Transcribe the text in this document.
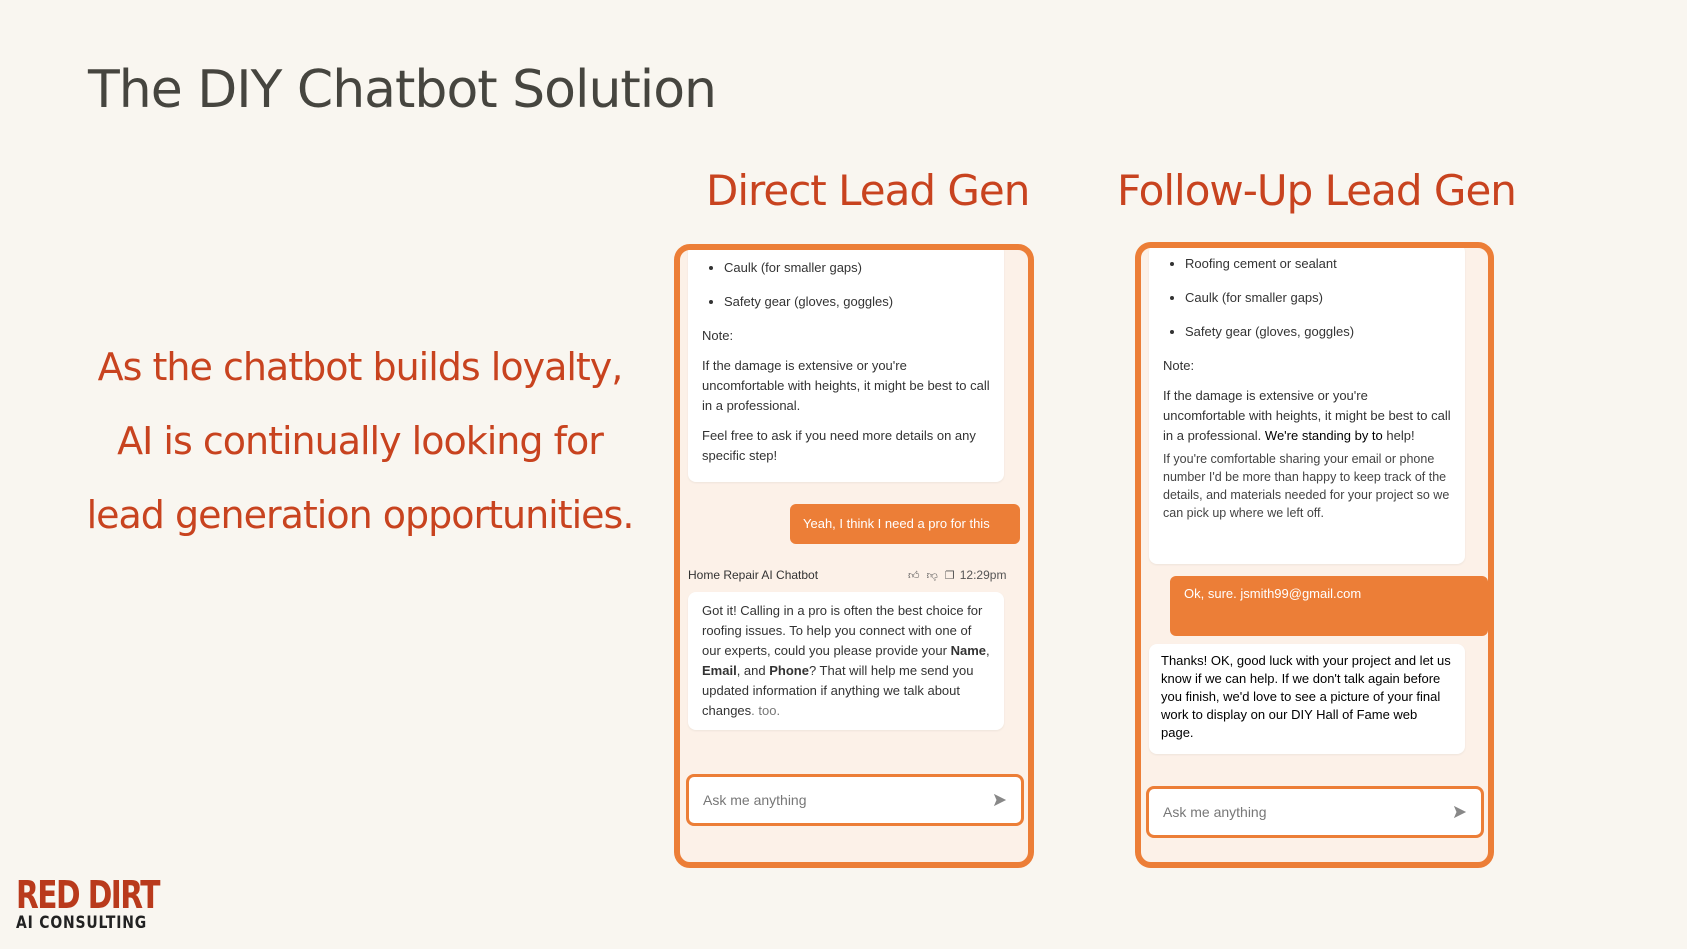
The DIY Chatbot Solution
As the chatbot builds loyalty, AI is continually looking for lead generation opportunities.
Direct Lead Gen
• Caulk (for smaller gaps)
• Safety gear (gloves, goggles)

Note:

If the damage is extensive or you're uncomfortable with heights, it might be best to call in a professional.

Feel free to ask if you need more details on any specific step!

Yeah, I think I need a pro for this
Home Repair AI Chatbot	👍︎ 👎︎ ❐ 12:29pm
Got it! Calling in a pro is often the best choice for roofing issues. To help you connect with one of our experts, could you please provide your Name, Email, and Phone? That will help me send you updated information if anything we talk about changes. too.
Ask me anything
Follow-Up Lead Gen
• Roofing cement or sealant
• Caulk (for smaller gaps)
• Safety gear (gloves, goggles)

Note:

If the damage is extensive or you're uncomfortable with heights, it might be best to call in a professional. We're standing by to help!

If you're comfortable sharing your email or phone number I'd be more than happy to keep track of the details, and materials needed for your project so we can pick up where we left off.

Ok, sure. jsmith99@gmail.com
Thanks! OK, good luck with your project and let us know if we can help. If we don't talk again before you finish, we'd love to see a picture of your final work to display on our DIY Hall of Fame web page.
Ask me anything
RED DIRT
AI CONSULTING
